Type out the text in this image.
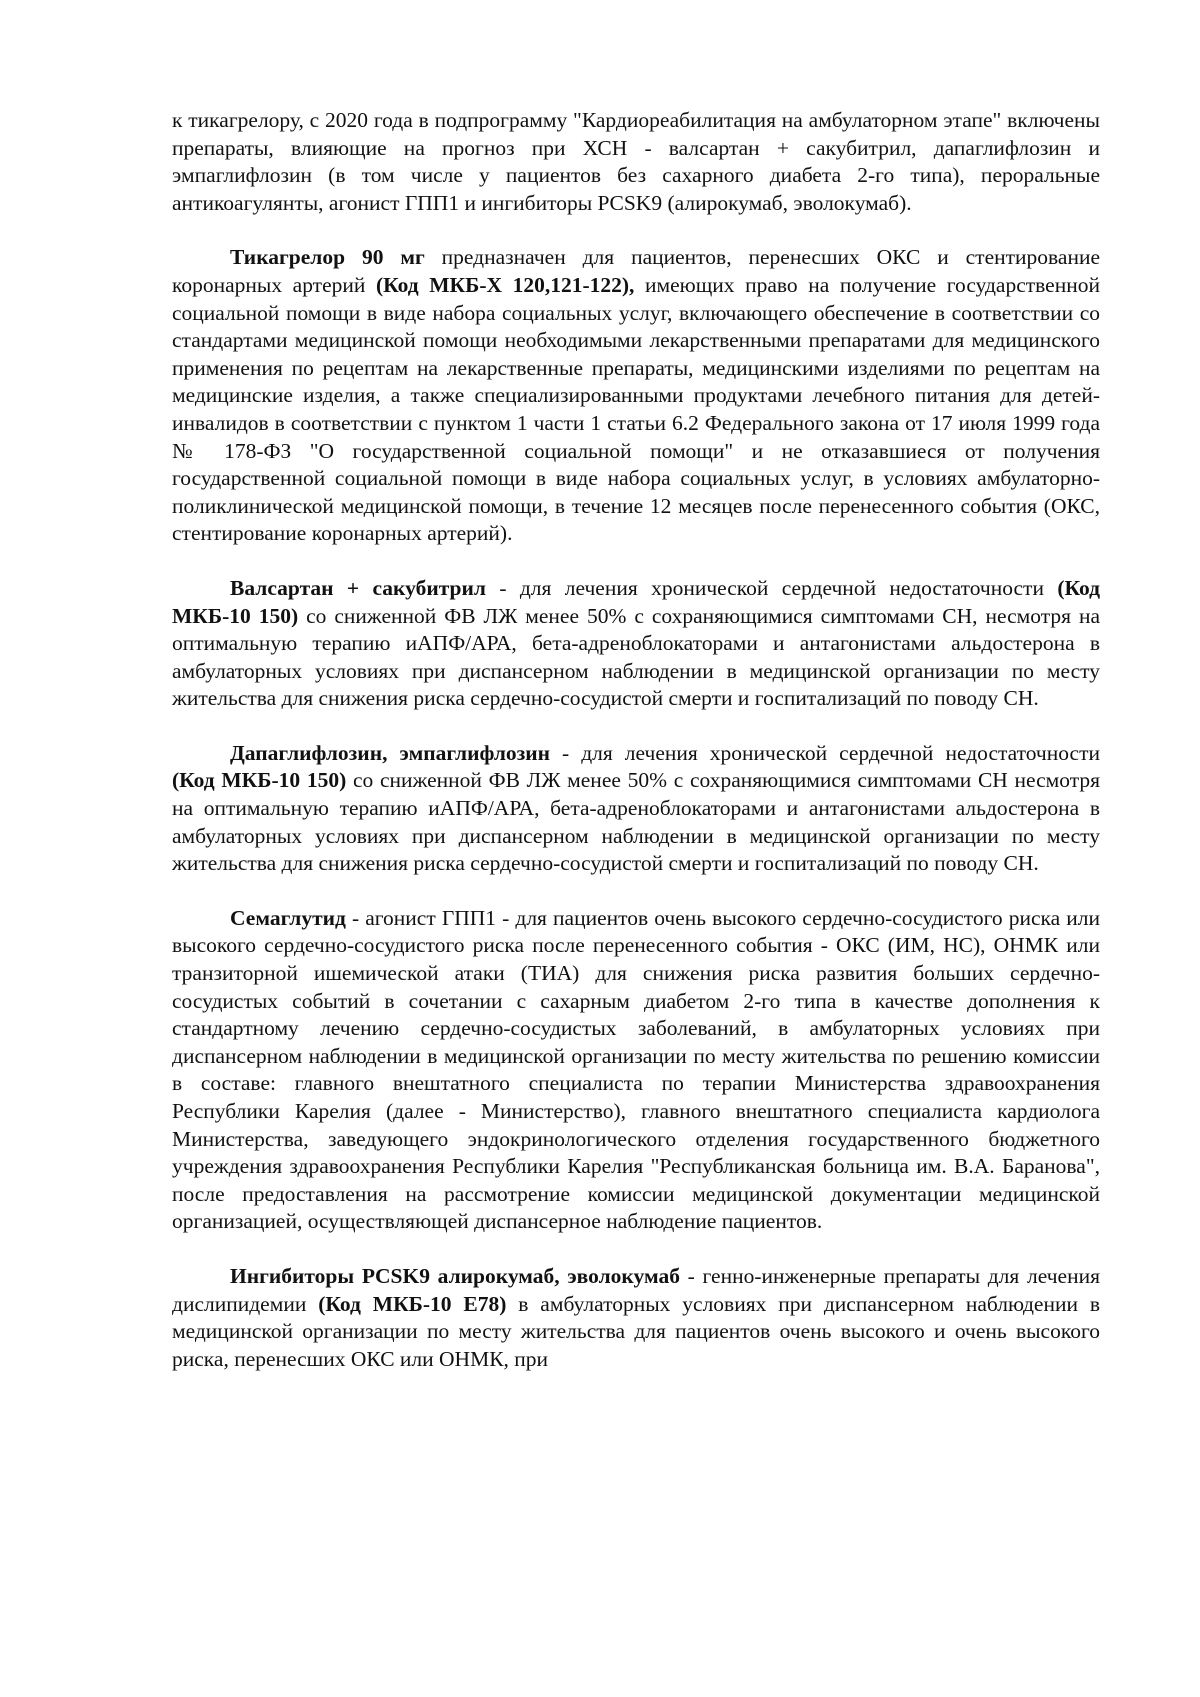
к тикагрелору, с 2020 года в подпрограмму "Кардиореабилитация на амбулаторном этапе" включены препараты, влияющие на прогноз при ХСН - валсартан + сакубитрил, дапаглифлозин и эмпаглифлозин (в том числе у пациентов без сахарного диабета 2-го типа), пероральные антикоагулянты, агонист ГПП1 и ингибиторы PCSK9 (алирокумаб, эволокумаб).

Тикагрелор 90 мг предназначен для пациентов, перенесших ОКС и стентирование коронарных артерий (Код МКБ-Х 120,121-122), имеющих право на получение государственной социальной помощи в виде набора социальных услуг, включающего обеспечение в соответствии со стандартами медицинской помощи необходимыми лекарственными препаратами для медицинского применения по рецептам на лекарственные препараты, медицинскими изделиями по рецептам на медицинские изделия, а также специализированными продуктами лечебного питания для детей-инвалидов в соответствии с пунктом 1 части 1 статьи 6.2 Федерального закона от 17 июля 1999 года № 178-ФЗ "О государственной социальной помощи" и не отказавшиеся от получения государственной социальной помощи в виде набора социальных услуг, в условиях амбулаторно-поликлинической медицинской помощи, в течение 12 месяцев после перенесенного события (ОКС, стентирование коронарных артерий).

Валсартан + сакубитрил - для лечения хронической сердечной недостаточности (Код МКБ-10 150) со сниженной ФВ ЛЖ менее 50% с сохраняющимися симптомами СН, несмотря на оптимальную терапию иАПФ/АРА, бета-адреноблокаторами и антагонистами альдостерона в амбулаторных условиях при диспансерном наблюдении в медицинской организации по месту жительства для снижения риска сердечно-сосудистой смерти и госпитализаций по поводу СН.

Дапаглифлозин, эмпаглифлозин - для лечения хронической сердечной недостаточности (Код МКБ-10 150) со сниженной ФВ ЛЖ менее 50% с сохраняющимися симптомами СН несмотря на оптимальную терапию иАПФ/АРА, бета-адреноблокаторами и антагонистами альдостерона в амбулаторных условиях при диспансерном наблюдении в медицинской организации по месту жительства для снижения риска сердечно-сосудистой смерти и госпитализаций по поводу СН.

Семаглутид - агонист ГПП1 - для пациентов очень высокого сердечно-сосудистого риска или высокого сердечно-сосудистого риска после перенесенного события - ОКС (ИМ, НС), ОНМК или транзиторной ишемической атаки (ТИА) для снижения риска развития больших сердечно-сосудистых событий в сочетании с сахарным диабетом 2-го типа в качестве дополнения к стандартному лечению сердечно-сосудистых заболеваний, в амбулаторных условиях при диспансерном наблюдении в медицинской организации по месту жительства по решению комиссии в составе: главного внештатного специалиста по терапии Министерства здравоохранения Республики Карелия (далее - Министерство), главного внештатного специалиста кардиолога Министерства, заведующего эндокринологического отделения государственного бюджетного учреждения здравоохранения Республики Карелия "Республиканская больница им. В.А. Баранова", после предоставления на рассмотрение комиссии медицинской документации медицинской организацией, осуществляющей диспансерное наблюдение пациентов.

Ингибиторы PCSK9 алирокумаб, эволокумаб - генно-инженерные препараты для лечения дислипидемии (Код МКБ-10 Е78) в амбулаторных условиях при диспансерном наблюдении в медицинской организации по месту жительства для пациентов очень высокого и очень высокого риска, перенесших ОКС или ОНМК, при
